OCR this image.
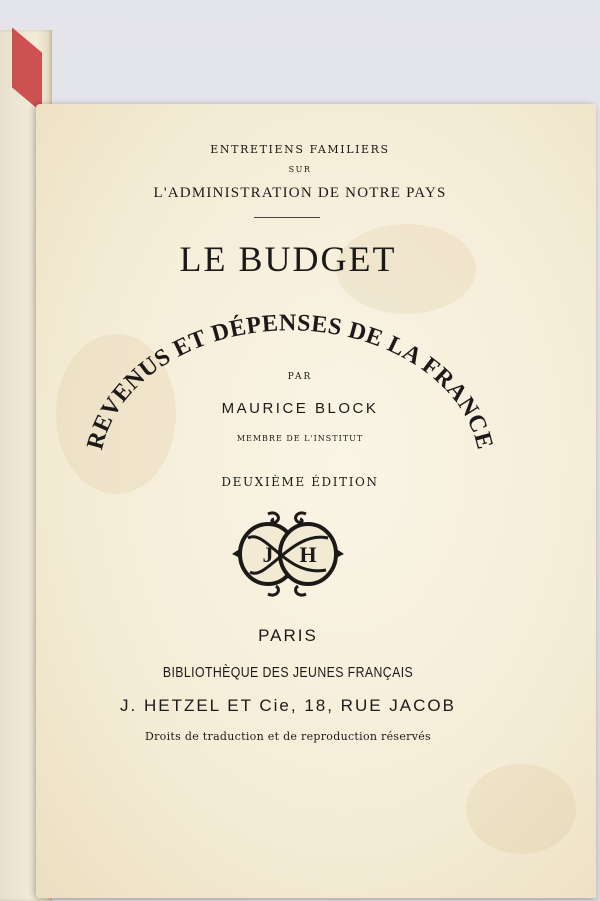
ENTRETIENS FAMILIERS
SUR
L'ADMINISTRATION DE NOTRE PAYS
LE BUDGET
REVENUS ET DÉPENSES DE LA FRANCE
PAR
MAURICE BLOCK
MEMBRE DE L'INSTITUT
DEUXIÈME ÉDITION
J H
PARIS
BIBLIOTHÈQUE DES JEUNES FRANÇAIS
J. HETZEL ET Cie, 18, RUE JACOB
Droits de traduction et de reproduction réservés
